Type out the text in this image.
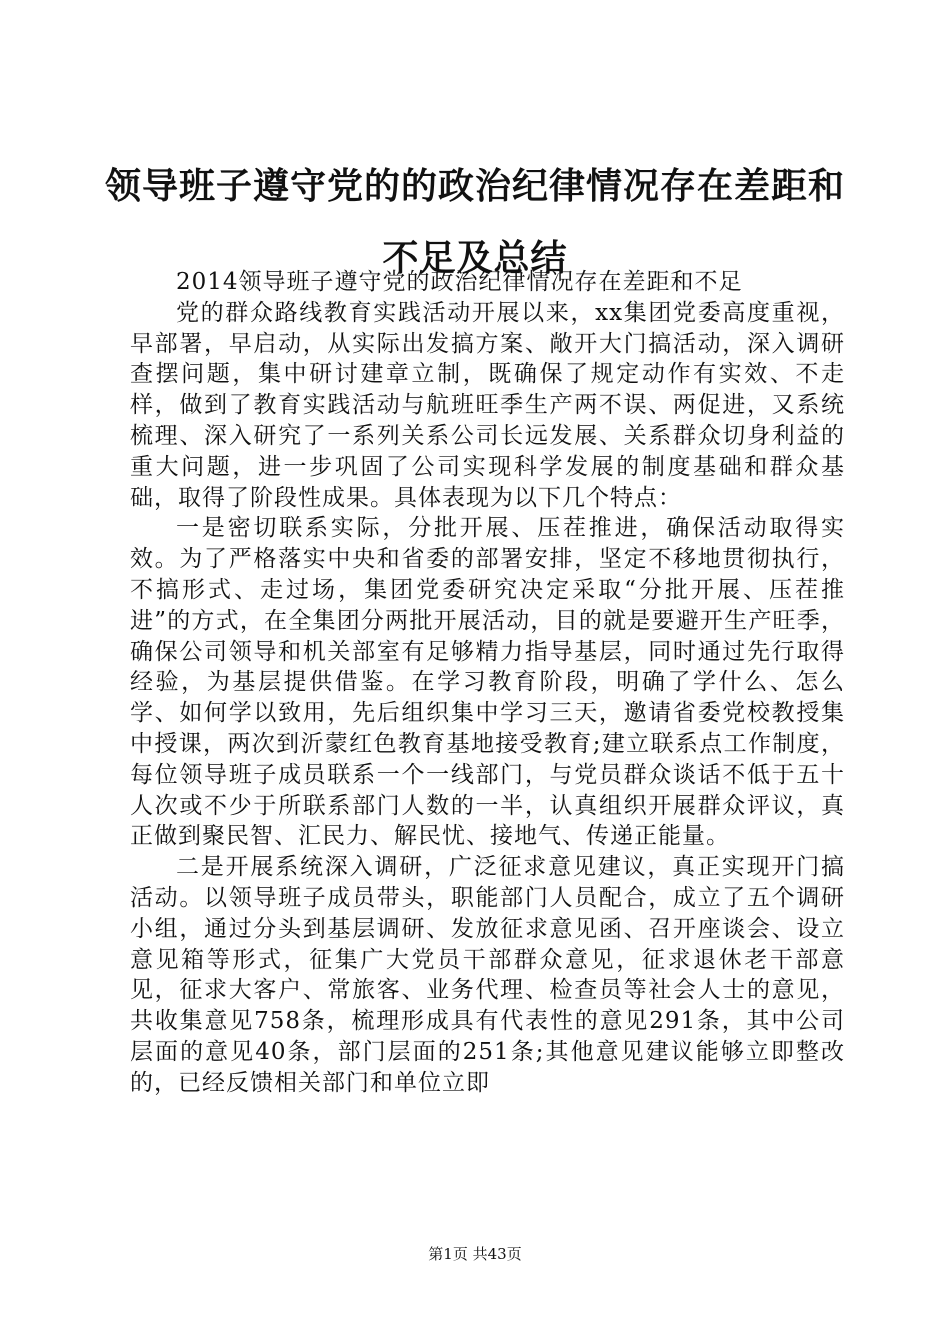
领导班子遵守党的的政治纪律情况存在差距和
不足及总结

2014领导班子遵守党的政治纪律情况存在差距和不足

党的群众路线教育实践活动开展以来，xx集团党委高度重视，早部署，早启动，从实际出发搞方案、敞开大门搞活动，深入调研查摆问题，集中研讨建章立制，既确保了规定动作有实效、不走样，做到了教育实践活动与航班旺季生产两不误、两促进，又系统梳理、深入研究了一系列关系公司长远发展、关系群众切身利益的重大问题，进一步巩固了公司实现科学发展的制度基础和群众基础，取得了阶段性成果。具体表现为以下几个特点：

一是密切联系实际，分批开展、压茬推进，确保活动取得实效。为了严格落实中央和省委的部署安排，坚定不移地贯彻执行，不搞形式、走过场，集团党委研究决定采取“分批开展、压茬推进”的方式，在全集团分两批开展活动，目的就是要避开生产旺季，确保公司领导和机关部室有足够精力指导基层，同时通过先行取得经验，为基层提供借鉴。在学习教育阶段，明确了学什么、怎么学、如何学以致用，先后组织集中学习三天，邀请省委党校教授集中授课，两次到沂蒙红色教育基地接受教育;建立联系点工作制度，每位领导班子成员联系一个一线部门，与党员群众谈话不低于五十人次或不少于所联系部门人数的一半，认真组织开展群众评议，真正做到聚民智、汇民力、解民忧、接地气、传递正能量。

二是开展系统深入调研，广泛征求意见建议，真正实现开门搞活动。以领导班子成员带头，职能部门人员配合，成立了五个调研小组，通过分头到基层调研、发放征求意见函、召开座谈会、设立意见箱等形式，征集广大党员干部群众意见，征求退休老干部意见，征求大客户、常旅客、业务代理、检查员等社会人士的意见，共收集意见758条，梳理形成具有代表性的意见291条，其中公司层面的意见40条，部门层面的251条;其他意见建议能够立即整改的，已经反馈相关部门和单位立即

第1页 共43页
